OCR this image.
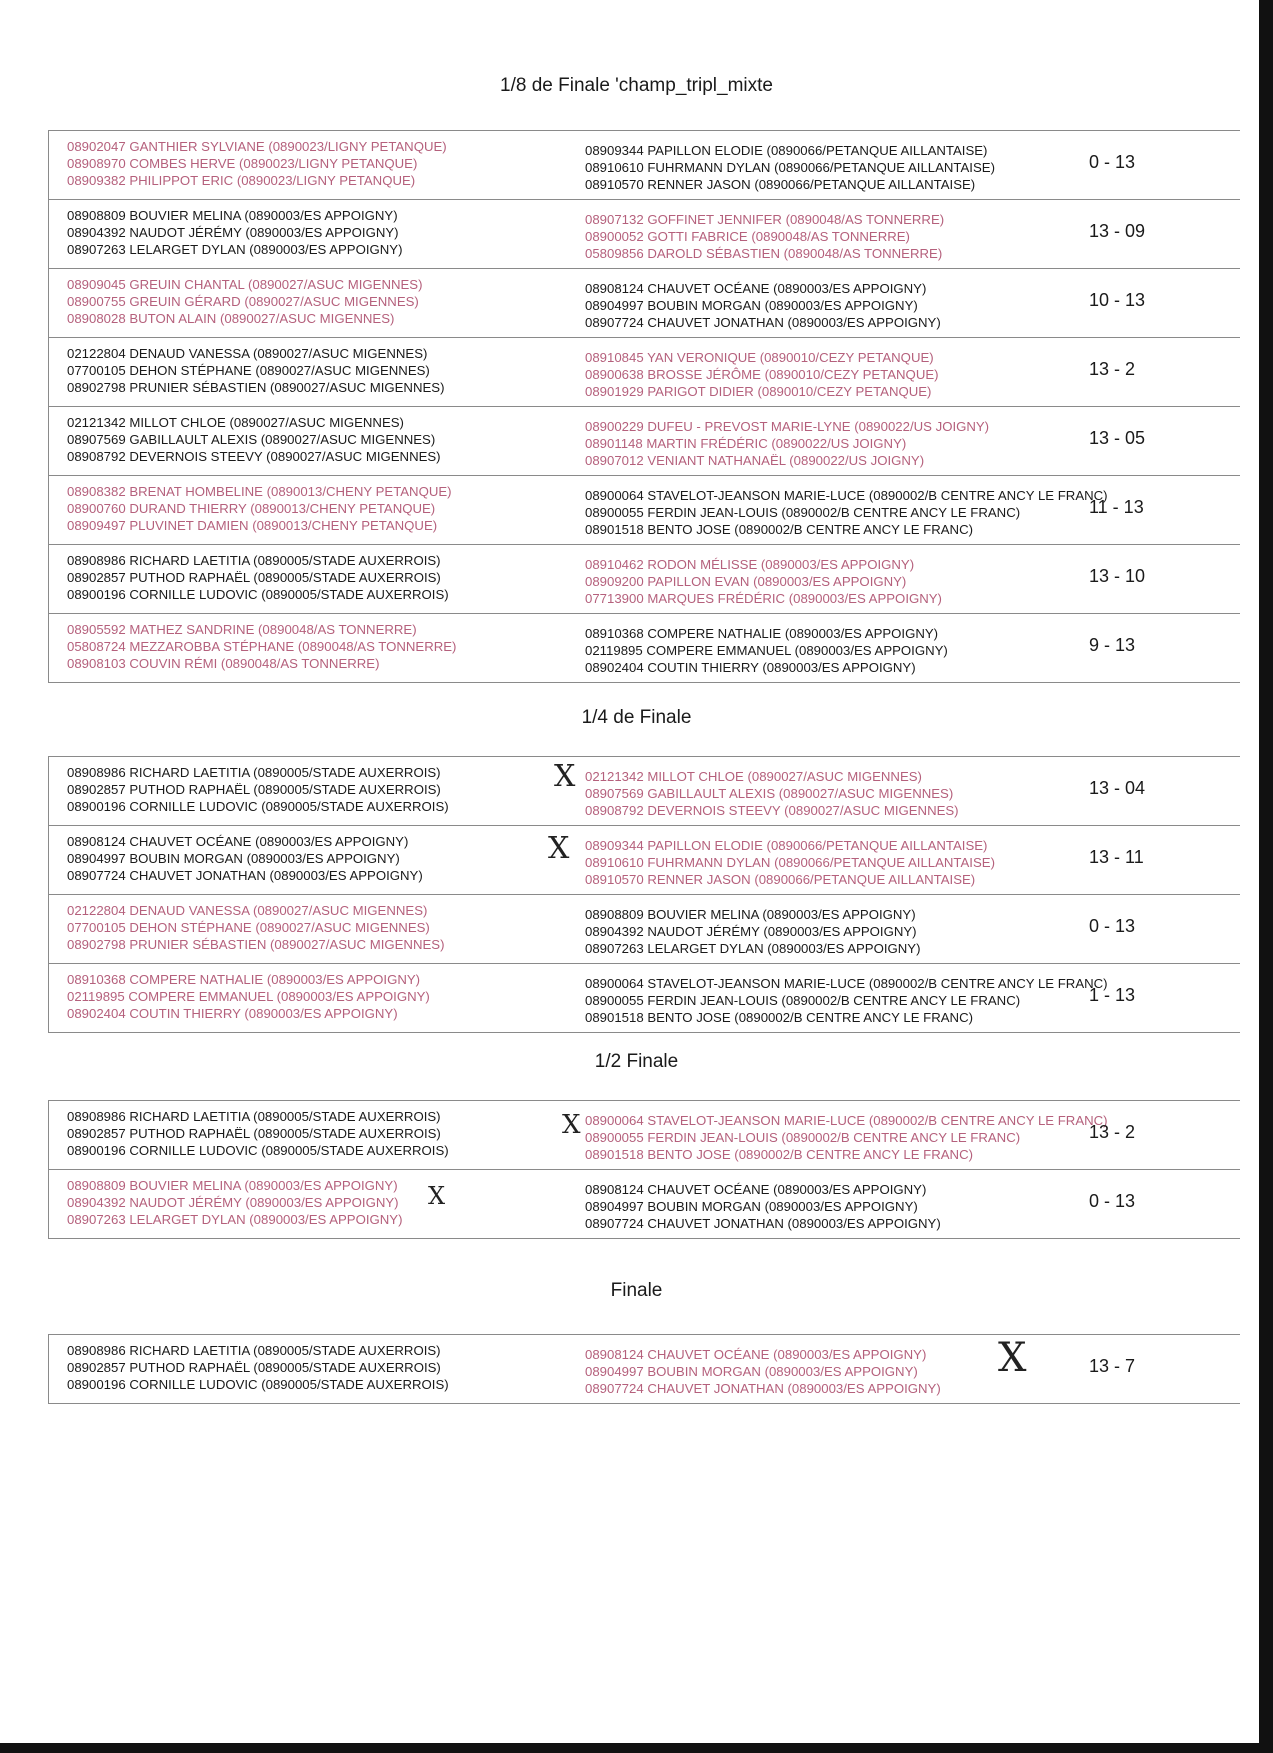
1/8 de Finale 'champ_tripl_mixte
08902047 GANTHIER SYLVIANE (0890023/LIGNY PETANQUE)
08908970 COMBES HERVE (0890023/LIGNY PETANQUE)
08909382 PHILIPPOT ERIC (0890023/LIGNY PETANQUE)
08909344 PAPILLON ELODIE (0890066/PETANQUE AILLANTAISE)
08910610 FUHRMANN DYLAN (0890066/PETANQUE AILLANTAISE)
08910570 RENNER JASON (0890066/PETANQUE AILLANTAISE)
0 - 13
08908809 BOUVIER MELINA (0890003/ES APPOIGNY)
08904392 NAUDOT JÉRÉMY (0890003/ES APPOIGNY)
08907263 LELARGET DYLAN (0890003/ES APPOIGNY)
08907132 GOFFINET JENNIFER (0890048/AS TONNERRE)
08900052 GOTTI FABRICE (0890048/AS TONNERRE)
05809856 DAROLD SÉBASTIEN (0890048/AS TONNERRE)
13 - 09
08909045 GREUIN CHANTAL (0890027/ASUC MIGENNES)
08900755 GREUIN GÉRARD (0890027/ASUC MIGENNES)
08908028 BUTON ALAIN (0890027/ASUC MIGENNES)
08908124 CHAUVET OCÉANE (0890003/ES APPOIGNY)
08904997 BOUBIN MORGAN (0890003/ES APPOIGNY)
08907724 CHAUVET JONATHAN (0890003/ES APPOIGNY)
10 - 13
02122804 DENAUD VANESSA (0890027/ASUC MIGENNES)
07700105 DEHON STÉPHANE (0890027/ASUC MIGENNES)
08902798 PRUNIER SÉBASTIEN (0890027/ASUC MIGENNES)
08910845 YAN VERONIQUE (0890010/CEZY PETANQUE)
08900638 BROSSE JÉRÔME (0890010/CEZY PETANQUE)
08901929 PARIGOT DIDIER (0890010/CEZY PETANQUE)
13 - 2
02121342 MILLOT CHLOE (0890027/ASUC MIGENNES)
08907569 GABILLAULT ALEXIS (0890027/ASUC MIGENNES)
08908792 DEVERNOIS STEEVY (0890027/ASUC MIGENNES)
08900229 DUFEU - PREVOST MARIE-LYNE (0890022/US JOIGNY)
08901148 MARTIN FRÉDÉRIC (0890022/US JOIGNY)
08907012 VENIANT NATHANAËL (0890022/US JOIGNY)
13 - 05
08908382 BRENAT HOMBELINE (0890013/CHENY PETANQUE)
08900760 DURAND THIERRY (0890013/CHENY PETANQUE)
08909497 PLUVINET DAMIEN (0890013/CHENY PETANQUE)
08900064 STAVELOT-JEANSON MARIE-LUCE (0890002/B CENTRE ANCY LE FRANC)
08900055 FERDIN JEAN-LOUIS (0890002/B CENTRE ANCY LE FRANC)
08901518 BENTO JOSE (0890002/B CENTRE ANCY LE FRANC)
11 - 13
08908986 RICHARD LAETITIA (0890005/STADE AUXERROIS)
08902857 PUTHOD RAPHAËL (0890005/STADE AUXERROIS)
08900196 CORNILLE LUDOVIC (0890005/STADE AUXERROIS)
08910462 RODON MÉLISSE (0890003/ES APPOIGNY)
08909200 PAPILLON EVAN (0890003/ES APPOIGNY)
07713900 MARQUES FRÉDÉRIC (0890003/ES APPOIGNY)
13 - 10
08905592 MATHEZ SANDRINE (0890048/AS TONNERRE)
05808724 MEZZAROBBA STÉPHANE (0890048/AS TONNERRE)
08908103 COUVIN RÉMI (0890048/AS TONNERRE)
08910368 COMPERE NATHALIE (0890003/ES APPOIGNY)
02119895 COMPERE EMMANUEL (0890003/ES APPOIGNY)
08902404 COUTIN THIERRY (0890003/ES APPOIGNY)
9 - 13
1/4 de Finale
08908986 RICHARD LAETITIA (0890005/STADE AUXERROIS)
08902857 PUTHOD RAPHAËL (0890005/STADE AUXERROIS)
08900196 CORNILLE LUDOVIC (0890005/STADE AUXERROIS)
02121342 MILLOT CHLOE (0890027/ASUC MIGENNES)
08907569 GABILLAULT ALEXIS (0890027/ASUC MIGENNES)
08908792 DEVERNOIS STEEVY (0890027/ASUC MIGENNES)
13 - 04
08908124 CHAUVET OCÉANE (0890003/ES APPOIGNY)
08904997 BOUBIN MORGAN (0890003/ES APPOIGNY)
08907724 CHAUVET JONATHAN (0890003/ES APPOIGNY)
08909344 PAPILLON ELODIE (0890066/PETANQUE AILLANTAISE)
08910610 FUHRMANN DYLAN (0890066/PETANQUE AILLANTAISE)
08910570 RENNER JASON (0890066/PETANQUE AILLANTAISE)
13 - 11
02122804 DENAUD VANESSA (0890027/ASUC MIGENNES)
07700105 DEHON STÉPHANE (0890027/ASUC MIGENNES)
08902798 PRUNIER SÉBASTIEN (0890027/ASUC MIGENNES)
08908809 BOUVIER MELINA (0890003/ES APPOIGNY)
08904392 NAUDOT JÉRÉMY (0890003/ES APPOIGNY)
08907263 LELARGET DYLAN (0890003/ES APPOIGNY)
0 - 13
08910368 COMPERE NATHALIE (0890003/ES APPOIGNY)
02119895 COMPERE EMMANUEL (0890003/ES APPOIGNY)
08902404 COUTIN THIERRY (0890003/ES APPOIGNY)
08900064 STAVELOT-JEANSON MARIE-LUCE (0890002/B CENTRE ANCY LE FRANC)
08900055 FERDIN JEAN-LOUIS (0890002/B CENTRE ANCY LE FRANC)
08901518 BENTO JOSE (0890002/B CENTRE ANCY LE FRANC)
1 - 13
1/2 Finale
08908986 RICHARD LAETITIA (0890005/STADE AUXERROIS)
08902857 PUTHOD RAPHAËL (0890005/STADE AUXERROIS)
08900196 CORNILLE LUDOVIC (0890005/STADE AUXERROIS)
08900064 STAVELOT-JEANSON MARIE-LUCE (0890002/B CENTRE ANCY LE FRANC)
08900055 FERDIN JEAN-LOUIS (0890002/B CENTRE ANCY LE FRANC)
08901518 BENTO JOSE (0890002/B CENTRE ANCY LE FRANC)
13 - 2
08908809 BOUVIER MELINA (0890003/ES APPOIGNY)
08904392 NAUDOT JÉRÉMY (0890003/ES APPOIGNY)
08907263 LELARGET DYLAN (0890003/ES APPOIGNY)
08908124 CHAUVET OCÉANE (0890003/ES APPOIGNY)
08904997 BOUBIN MORGAN (0890003/ES APPOIGNY)
08907724 CHAUVET JONATHAN (0890003/ES APPOIGNY)
0 - 13
Finale
08908986 RICHARD LAETITIA (0890005/STADE AUXERROIS)
08902857 PUTHOD RAPHAËL (0890005/STADE AUXERROIS)
08900196 CORNILLE LUDOVIC (0890005/STADE AUXERROIS)
08908124 CHAUVET OCÉANE (0890003/ES APPOIGNY)
08904997 BOUBIN MORGAN (0890003/ES APPOIGNY)
08907724 CHAUVET JONATHAN (0890003/ES APPOIGNY)
13 - 7
X
X
X
X
X
